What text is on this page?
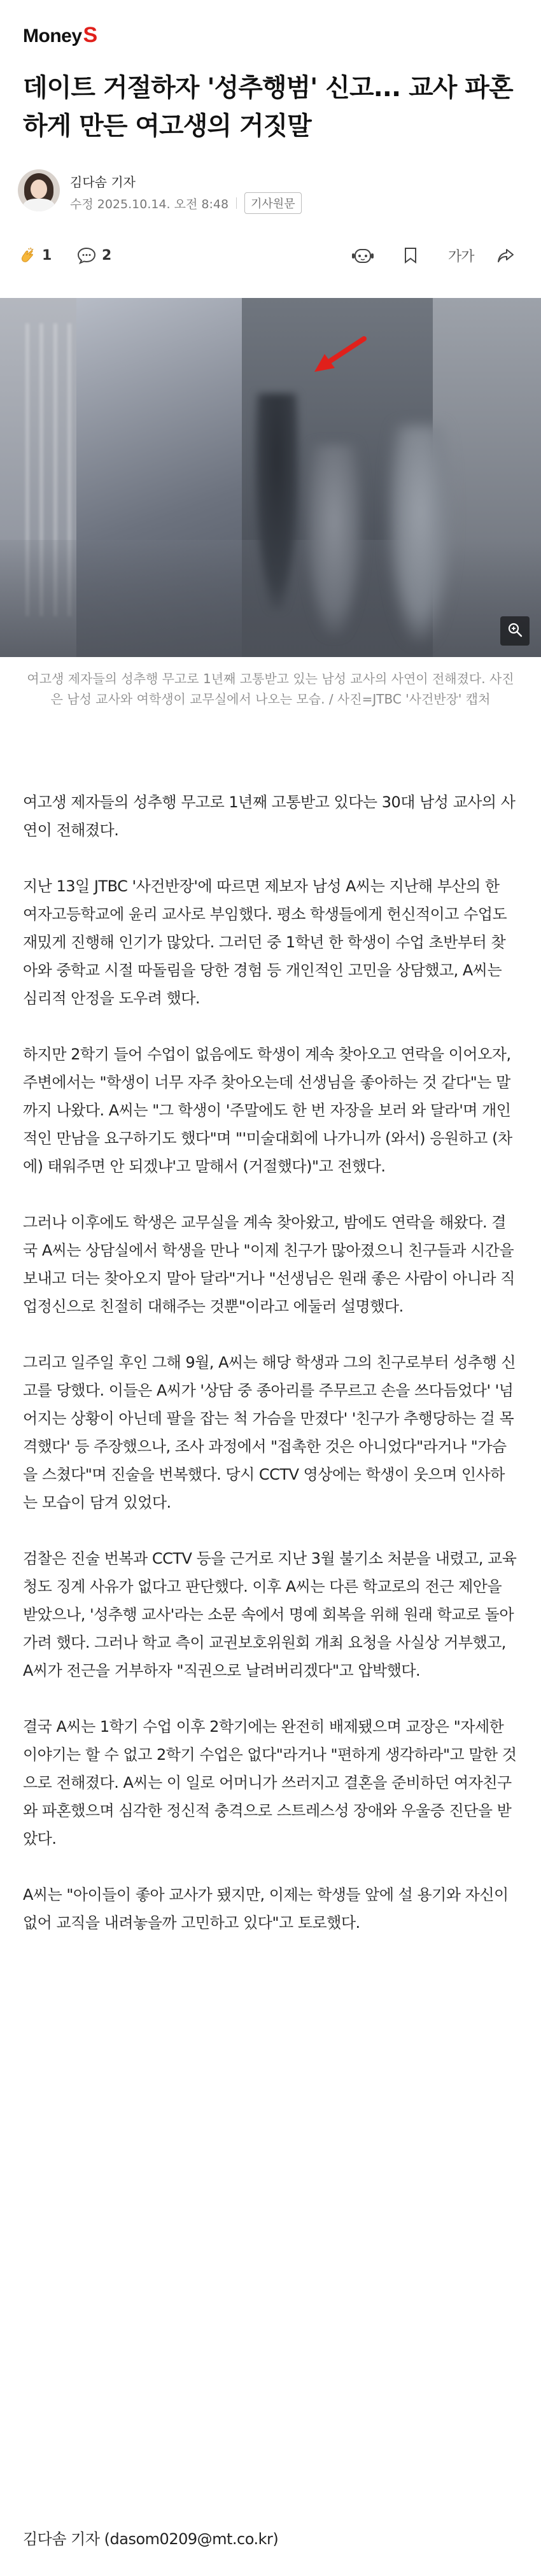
Money S
데이트 거절하자 '성추행범' 신고... 교사 파혼하게 만든 여고생의 거짓말
김다솜 기자
수정 2025.10.14. 오전 8:48	기사원문
1	2	가가

여고생 제자들의 성추행 무고로 1년째 고통받고 있는 남성 교사의 사연이 전해졌다. 사진은 남성 교사와 여학생이 교무실에서 나오는 모습. / 사진=JTBC '사건반장' 캡처

여고생 제자들의 성추행 무고로 1년째 고통받고 있다는 30대 남성 교사의 사연이 전해졌다.

지난 13일 JTBC '사건반장'에 따르면 제보자 남성 A씨는 지난해 부산의 한 여자고등학교에 윤리 교사로 부임했다. 평소 학생들에게 헌신적이고 수업도 재밌게 진행해 인기가 많았다. 그러던 중 1학년 한 학생이 수업 초반부터 찾아와 중학교 시절 따돌림을 당한 경험 등 개인적인 고민을 상담했고, A씨는 심리적 안정을 도우려 했다.

하지만 2학기 들어 수업이 없음에도 학생이 계속 찾아오고 연락을 이어오자, 주변에서는 "학생이 너무 자주 찾아오는데 선생님을 좋아하는 것 같다"는 말까지 나왔다. A씨는 "그 학생이 '주말에도 한 번 자장을 보러 와 달라'며 개인적인 만남을 요구하기도 했다"며 "'미술대회에 나가니까 (와서) 응원하고 (차에) 태워주면 안 되겠냐'고 말해서 (거절했다)"고 전했다.

그러나 이후에도 학생은 교무실을 계속 찾아왔고, 밤에도 연락을 해왔다. 결국 A씨는 상담실에서 학생을 만나 "이제 친구가 많아졌으니 친구들과 시간을 보내고 더는 찾아오지 말아 달라"거나 "선생님은 원래 좋은 사람이 아니라 직업정신으로 친절히 대해주는 것뿐"이라고 에둘러 설명했다.

그리고 일주일 후인 그해 9월, A씨는 해당 학생과 그의 친구로부터 성추행 신고를 당했다. 이들은 A씨가 '상담 중 종아리를 주무르고 손을 쓰다듬었다' '넘어지는 상황이 아닌데 팔을 잡는 척 가슴을 만졌다' '친구가 추행당하는 걸 목격했다' 등 주장했으나, 조사 과정에서 "접촉한 것은 아니었다"라거나 "가슴을 스쳤다"며 진술을 번복했다. 당시 CCTV 영상에는 학생이 웃으며 인사하는 모습이 담겨 있었다.

검찰은 진술 번복과 CCTV 등을 근거로 지난 3월 불기소 처분을 내렸고, 교육청도 징계 사유가 없다고 판단했다. 이후 A씨는 다른 학교로의 전근 제안을 받았으나, '성추행 교사'라는 소문 속에서 명예 회복을 위해 원래 학교로 돌아가려 했다. 그러나 학교 측이 교권보호위원회 개최 요청을 사실상 거부했고, A씨가 전근을 거부하자 "직권으로 날려버리겠다"고 압박했다.

결국 A씨는 1학기 수업 이후 2학기에는 완전히 배제됐으며 교장은 "자세한 이야기는 할 수 없고 2학기 수업은 없다"라거나 "편하게 생각하라"고 말한 것으로 전해졌다. A씨는 이 일로 어머니가 쓰러지고 결혼을 준비하던 여자친구와 파혼했으며 심각한 정신적 충격으로 스트레스성 장애와 우울증 진단을 받았다.

A씨는 "아이들이 좋아 교사가 됐지만, 이제는 학생들 앞에 설 용기와 자신이 없어 교직을 내려놓을까 고민하고 있다"고 토로했다.

김다솜 기자 (dasom0209@mt.co.kr)
